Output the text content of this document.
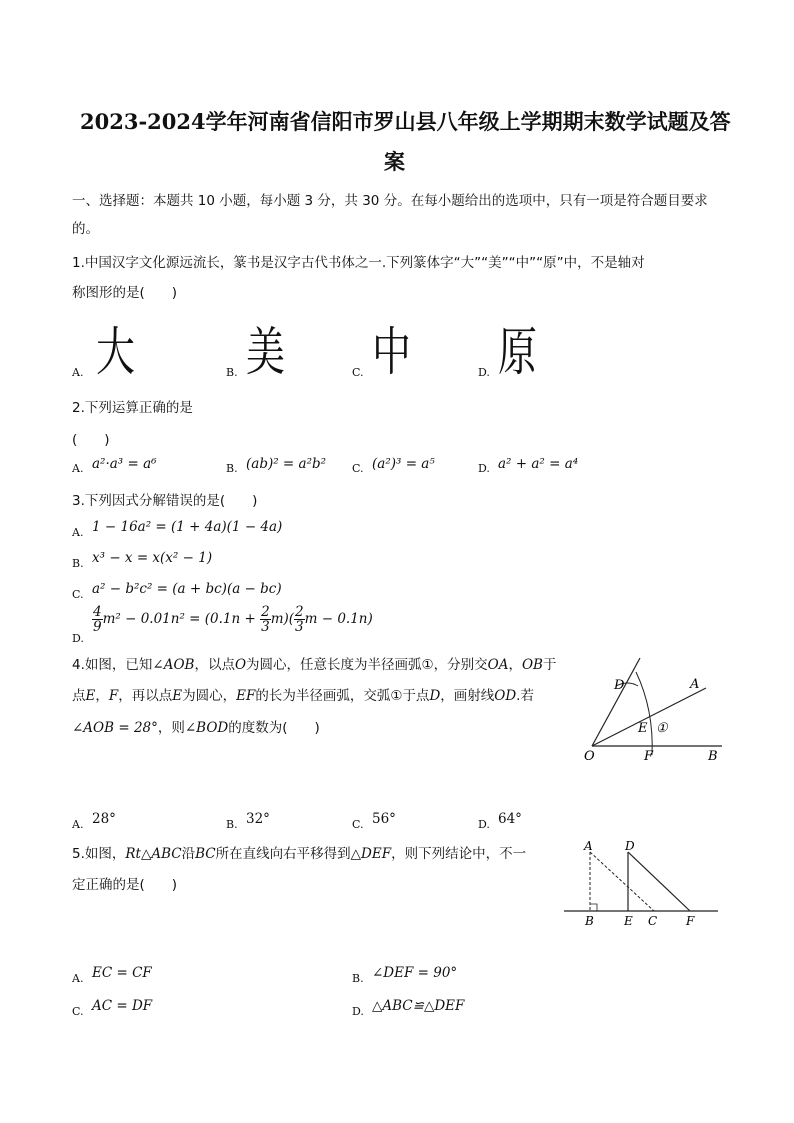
2023-2024学年河南省信阳市罗山县八年级上学期期末数学试题及答
案
一、选择题：本题共 10 小题，每小题 3 分，共 30 分。在每小题给出的选项中，只有一项是符合题目要求
的。
1.中国汉字文化源远流长，篆书是汉字古代书体之一.下列篆体字“大”“美”“中”“原”中，不是轴对
称图形的是(　　)
大 美 中 原
A.	B.	C.	D.
2.下列运算正确的是
(　　)
A. a²·a³ = a⁶	B. (ab)² = a²b² C. (a²)³ = a⁵	D. a² + a² = a⁴
3.下列因式分解错误的是(　　)
A. 1 − 16a² = (1 + 4a)(1 − 4a)
B. x³ − x = x(x² − 1)
C. a² − b²c² = (a + bc)(a − bc)
D.
$\frac{4}{9} m^2 - 0.01n^2 = (0.1n + \frac{2}{3} m)( \frac{2}{3}$ m − 0.1n)
4.如图，已知∠AOB，以点O为圆心，任意长度为半径画弧①，分别交OA，OB于
点E，F，再以点E为圆心，EF的长为半径画弧，交弧①于点D，画射线OD.若
∠AOB = 28°，则∠BOD的度数为(　　)
D	A
E ①
O	F	B
A. 28°	B. 32°	C. 56°	D. 64°
5.如图，Rt△ABC沿BC所在直线向右平移得到△DEF，则下列结论中，不一
定正确的是(　　)
A	D
B	E C F
A. EC = CF	B. ∠DEF = 90°
C. AC = DF	D. △ABC≌△DEF
